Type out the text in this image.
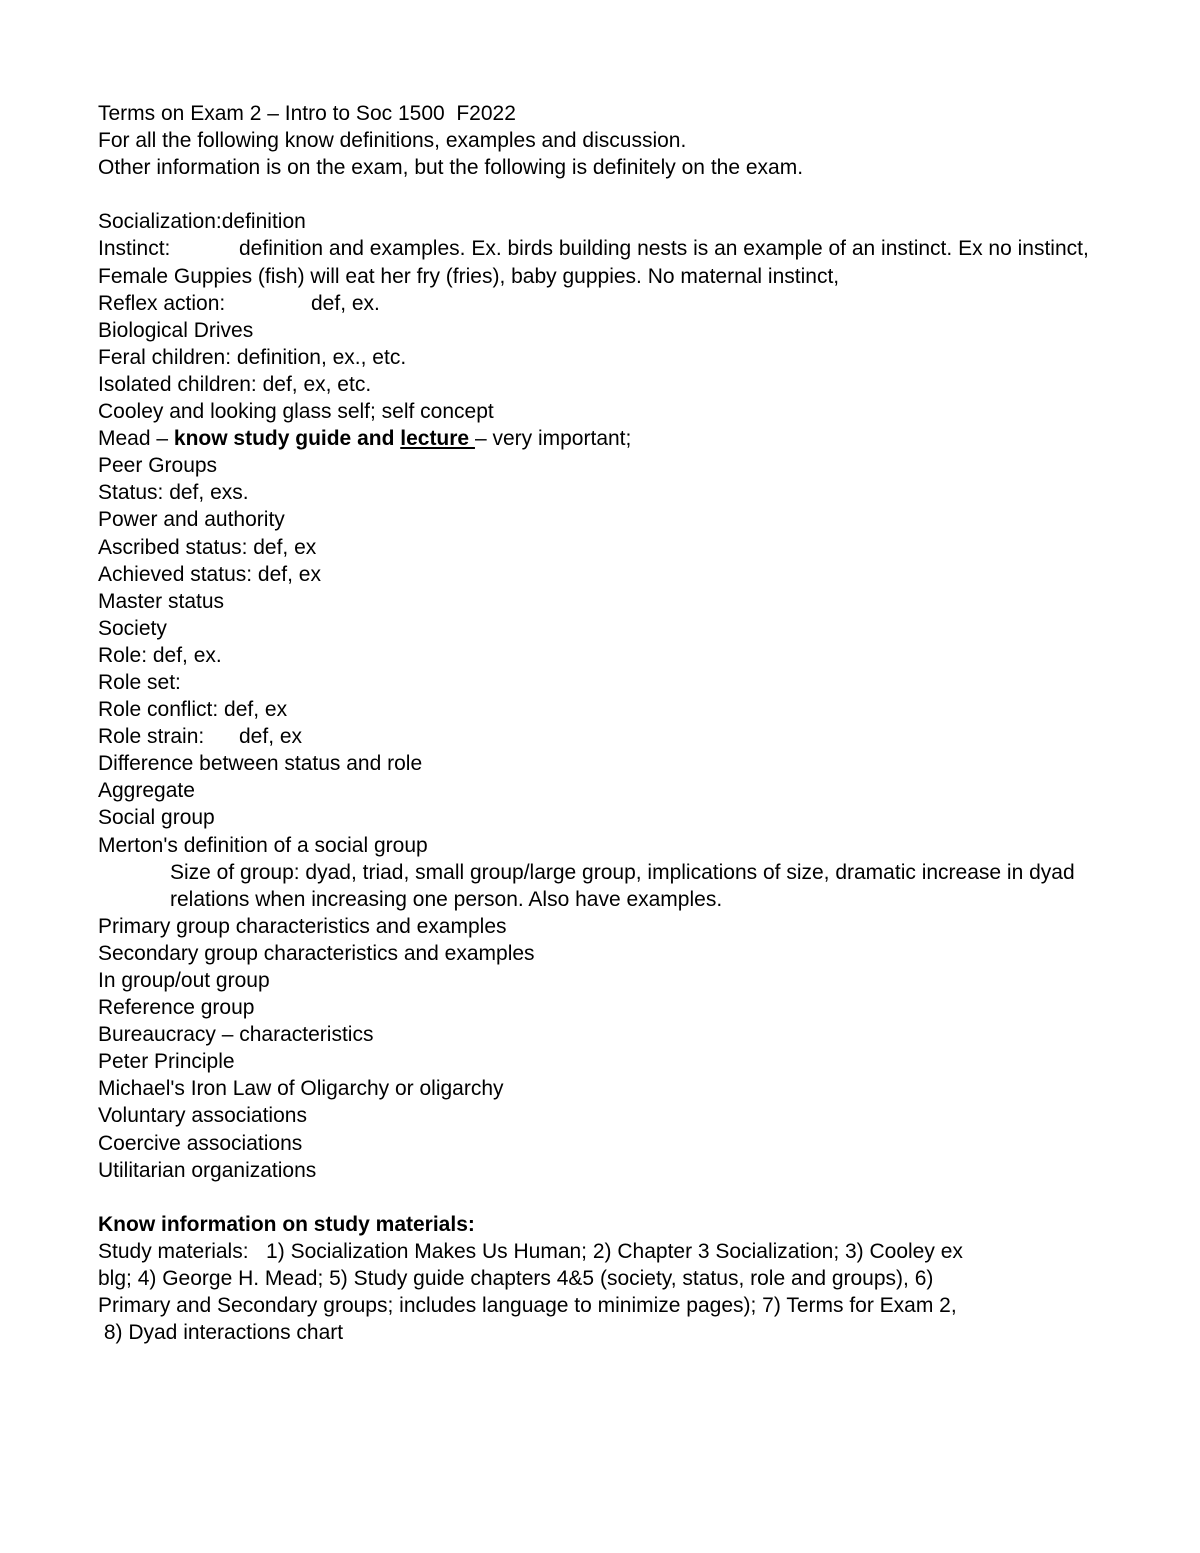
Terms on Exam 2 – Intro to Soc 1500  F2022
For all the following know definitions, examples and discussion.
Other information is on the exam, but the following is definitely on the exam.
Socialization:definition
Instinct:	definition and examples. Ex. birds building nests is an example of an instinct. Ex no instinct, Female Guppies (fish) will eat her fry (fries), baby guppies. No maternal instinct,
Reflex action:	def, ex.
Biological Drives
Feral children: definition, ex., etc.
Isolated children: def, ex, etc.
Cooley and looking glass self; self concept
Mead – know study guide and lecture – very important;
Peer Groups
Status: def, exs.
Power and authority
Ascribed status: def, ex
Achieved status: def, ex
Master status
Society
Role: def, ex.
Role set:
Role conflict: def, ex
Role strain: def, ex
Difference between status and role
Aggregate
Social group
Merton's definition of a social group
Size of group: dyad, triad, small group/large group, implications of size, dramatic increase in dyad relations when increasing one person. Also have examples.
Primary group characteristics and examples
Secondary group characteristics and examples
In group/out group
Reference group
Bureaucracy – characteristics
Peter Principle
Michael's Iron Law of Oligarchy or oligarchy
Voluntary associations
Coercive associations
Utilitarian organizations
Know information on study materials:
Study materials:   1) Socialization Makes Us Human; 2) Chapter 3 Socialization; 3) Cooley ex
blg; 4) George H. Mead; 5) Study guide chapters 4&5 (society, status, role and groups), 6)
Primary and Secondary groups; includes language to minimize pages); 7) Terms for Exam 2,
8) Dyad interactions chart
